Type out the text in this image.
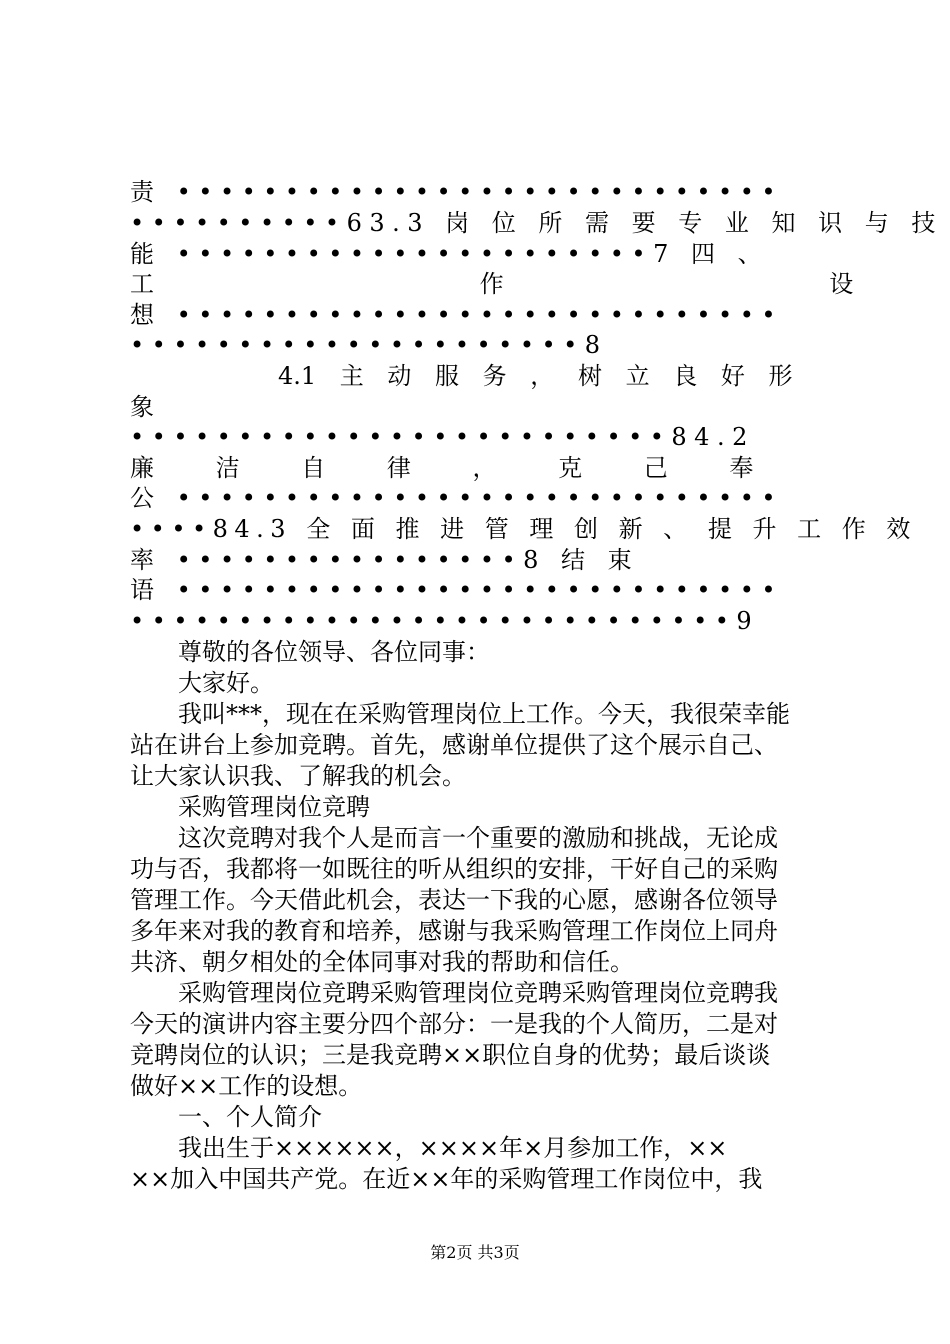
责 ••••••••••••••••••••••••••••
••••••••••63.3 岗 位 所 需 要 专 业 知 识 与 技
能 ••••••••••••••••••••••7 四 、
工 作 设
想 ••••••••••••••••••••••••••••
•••••••••••••••••••••8
4.1 主 动 服 务 ， 树 立 良 好 形
象
•••••••••••••••••••••••••84.2
廉 洁 自 律 ， 克 己 奉
公 ••••••••••••••••••••••••••••
••••84.3 全 面 推 进 管 理 创 新 、 提 升 工 作 效
率 ••••••••••••••••8 结 束
语 ••••••••••••••••••••••••••••
••••••••••••••••••••••••••••9
尊敬的各位领导、各位同事：
大家好。
我叫***，现在在采购管理岗位上工作。今天，我很荣幸能
站在讲台上参加竞聘。首先，感谢单位提供了这个展示自己、
让大家认识我、了解我的机会。
采购管理岗位竞聘
这次竞聘对我个人是而言一个重要的激励和挑战，无论成
功与否，我都将一如既往的听从组织的安排，干好自己的采购
管理工作。今天借此机会，表达一下我的心愿，感谢各位领导
多年来对我的教育和培养，感谢与我采购管理工作岗位上同舟
共济、朝夕相处的全体同事对我的帮助和信任。
采购管理岗位竞聘采购管理岗位竞聘采购管理岗位竞聘我
今天的演讲内容主要分四个部分：一是我的个人简历，二是对
竞聘岗位的认识；三是我竞聘××职位自身的优势；最后谈谈
做好××工作的设想。
一、个人简介
我出生于××××××，××××年×月参加工作，××
××加入中国共产党。在近××年的采购管理工作岗位中，我
第2页 共3页
